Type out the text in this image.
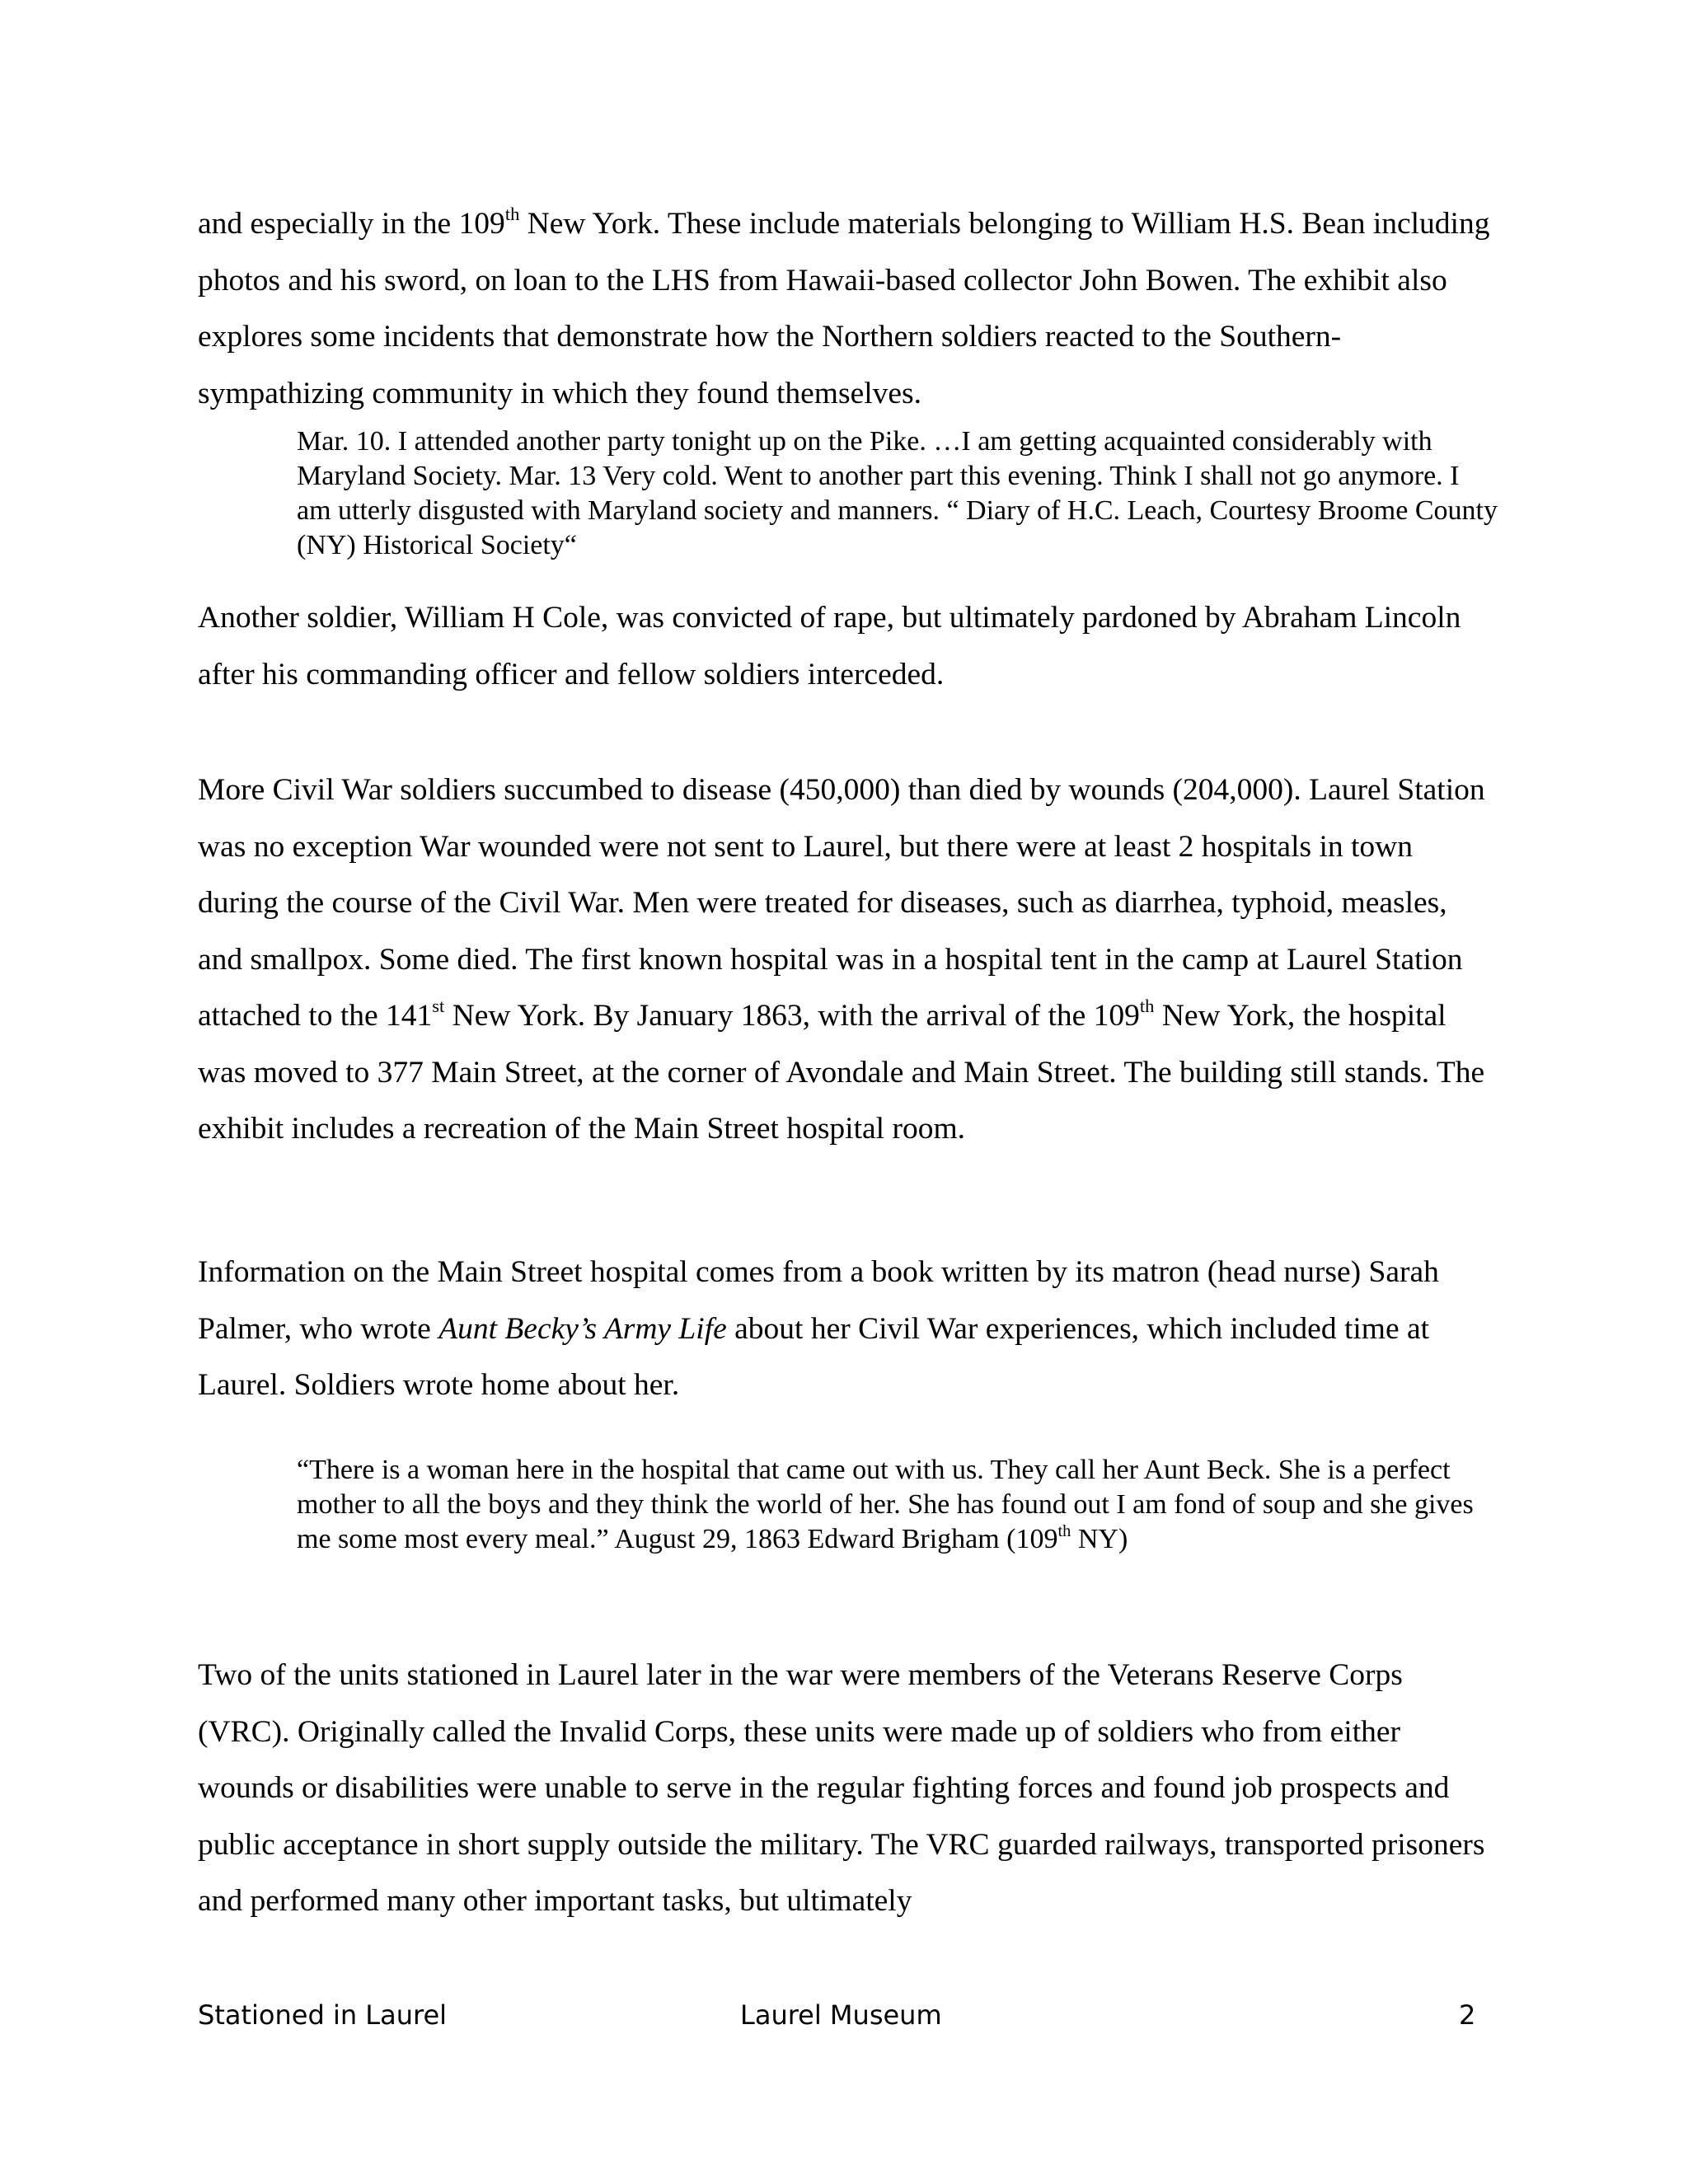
and especially in the 109th New York. These include materials belonging to William H.S. Bean including photos and his sword, on loan to the LHS from Hawaii-based collector John Bowen. The exhibit also explores some incidents that demonstrate how the Northern soldiers reacted to the Southern-sympathizing community in which they found themselves.

Mar. 10. I attended another party tonight up on the Pike. …I am getting acquainted considerably with Maryland Society. Mar. 13 Very cold. Went to another part this evening. Think I shall not go anymore. I am utterly disgusted with Maryland society and manners. “ Diary of H.C. Leach, Courtesy Broome County (NY) Historical Society“

Another soldier, William H Cole, was convicted of rape, but ultimately pardoned by Abraham Lincoln after his commanding officer and fellow soldiers interceded.

More Civil War soldiers succumbed to disease (450,000) than died by wounds (204,000). Laurel Station was no exception War wounded were not sent to Laurel, but there were at least 2 hospitals in town during the course of the Civil War. Men were treated for diseases, such as diarrhea, typhoid, measles, and smallpox. Some died. The first known hospital was in a hospital tent in the camp at Laurel Station attached to the 141st New York. By January 1863, with the arrival of the 109th New York, the hospital was moved to 377 Main Street, at the corner of Avondale and Main Street. The building still stands. The exhibit includes a recreation of the Main Street hospital room.

Information on the Main Street hospital comes from a book written by its matron (head nurse) Sarah Palmer, who wrote Aunt Becky’s Army Life about her Civil War experiences, which included time at Laurel. Soldiers wrote home about her.

“There is a woman here in the hospital that came out with us. They call her Aunt Beck. She is a perfect mother to all the boys and they think the world of her. She has found out I am fond of soup and she gives me some most every meal.” August 29, 1863 Edward Brigham (109th NY)

Two of the units stationed in Laurel later in the war were members of the Veterans Reserve Corps (VRC). Originally called the Invalid Corps, these units were made up of soldiers who from either wounds or disabilities were unable to serve in the regular fighting forces and found job prospects and public acceptance in short supply outside the military. The VRC guarded railways, transported prisoners and performed many other important tasks, but ultimately

Stationed in Laurel	Laurel Museum	2
